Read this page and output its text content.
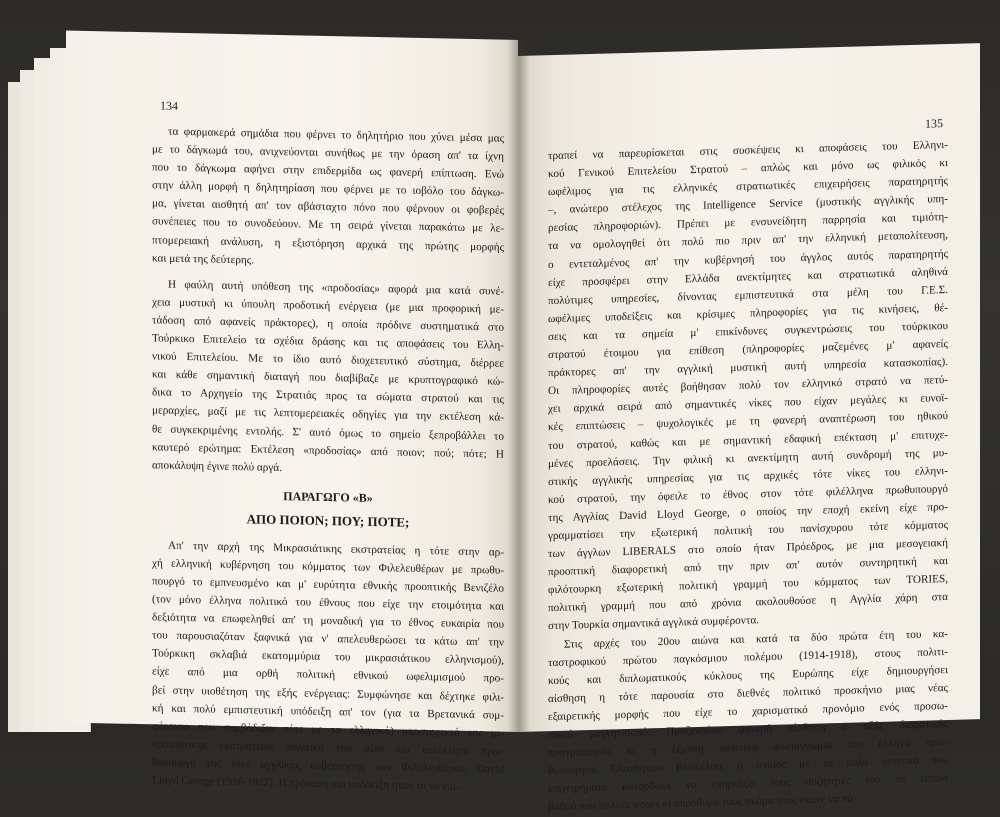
134
τα φαρμακερά σημάδια που φέρνει το δηλητήριο που χύνει μέσα μας
με το δάγκωμά του, ανιχνεύονται συνήθως με την όραση απ' τα ίχνη
που το δάγκωμα αφήνει στην επιδερμίδα ως φανερή επίπτωση. Ενώ
στην άλλη μορφή η δηλητηρίαση που φέρνει με το ιοβόλο του δάγκω-
μα, γίνεται αισθητή απ' τον αβάσταχτο πόνο που φέρνουν οι φοβερές
συνέπειες που το συνοδεύουν. Με τη σειρά γίνεται παρακάτω με λε-
πτομερειακή ανάλυση, η εξιστόρηση αρχικά της πρώτης μορφής
και μετά της δεύτερης.
Η φαύλη αυτή υπόθεση της «προδοσίας» αφορά μια κατά συνέ-
χεια μυστική κι ύπουλη προδοτική ενέργεια (με μια προφορική με-
τάδοση από αφανείς πράκτορες), η οποία πρόδινε συστηματικά στο
Τούρκικο Επιτελείο τα σχέδια δράσης και τις αποφάσεις του Ελλη-
νικού Επιτελείου. Με το ίδιο αυτό διοχετευτικό σύστημα, διέρρεε
και κάθε σημαντική διαταγή που διαβίβαζε με κρυπτογραφικό κώ-
δικα το Αρχηγείο της Στρατιάς προς τα σώματα στρατού και τις
μεραρχίες, μαζί με τις λεπτομερειακές οδηγίες για την εκτέλεση κά-
θε συγκεκριμένης εντολής. Σ' αυτό όμως το σημείο ξεπροβάλλει το
καυτερό ερώτημα: Εκτέλεση «προδοσίας» από ποιον; πού; πότε; Η
αποκάλυψη έγινε πολύ αργά.
ΠΑΡΑΓΩΓΟ «Β»
ΑΠΟ ΠΟΙΟΝ; ΠΟΥ; ΠΟΤΕ;
Απ' την αρχή της Μικρασιάτικης εκστρατείας η τότε στην αρ-
χή ελληνική κυβέρνηση του κόμματος των Φιλελευθέρων με πρωθυ-
πουργό το εμπνευσμένο και μ' ευρύτητα εθνικής προοπτικής Βενιζέλο
(τον μόνο έλληνα πολιτικό του έθνους που είχε την ετοιμότητα και
δεξιότητα να επωφεληθεί απ' τη μοναδική για το έθνος ευκαιρία που
του παρουσιαζόταν ξαφνικά για ν' απελευθερώσει τα κάτω απ' την
Τούρκικη σκλαβιά εκατομμύρια του μικρασιάτικου ελληνισμού),
είχε από μια ορθή πολιτική εθνικού ωφελιμισμού προ-
βεί στην υιοθέτηση της εξής ενέργειας: Συμφώνησε και δέχτηκε φιλι-
κή και πολύ εμπιστευτική υπόδειξη απ' τον (για τα Βρετανικά συμ-
φέροντα που συμβάδιζαν τότε με τα ελληνικά) υποστηρικτή της μι-
κρασιάτικης εκστρατείας πολιτικό του φίλο και φιλέλληνα πρω-
θυπουργό της τότε αγγλικής κυβέρνησης των Φιλελευθέρων David
Lloyd George (1916-1922). Η πρόταση και υπόδειξη ήταν το να επι-
135
τραπεί να παρευρίσκεται στις συσκέψεις κι αποφάσεις του Ελληνι-
κού Γενικού Επιτελείου Στρατού – απλώς και μόνο ως φιλικός κι
ωφέλιμος για τις ελληνικές στρατιωτικές επιχειρήσεις παρατηρητής
–, ανώτερο στέλεχος της Intelligence Service (μυστικής αγγλικής υπη-
ρεσίας πληροφοριών). Πρέπει με ενσυνείδητη παρρησία και τιμιότη-
τα να ομολογηθεί ότι πολύ πιο πριν απ' την ελληνική μεταπολίτευση,
ο εντεταλμένος απ' την κυβέρνησή του άγγλος αυτός παρατηρητής
είχε προσφέρει στην Ελλάδα ανεκτίμητες και στρατιωτικά αληθινά
πολύτιμες υπηρεσίες, δίνοντας εμπιστευτικά στα μέλη του Γ.Ε.Σ.
ωφέλιμες υποδείξεις και κρίσιμες πληροφορίες για τις κινήσεις, θέ-
σεις και τα σημεία μ' επικίνδυνες συγκεντρώσεις του τούρκικου
στρατού έτοιμου για επίθεση (πληροφορίες μαζεμένες μ' αφανείς
πράκτορες απ' την αγγλική μυστική αυτή υπηρεσία κατασκοπίας).
Οι πληροφορίες αυτές βοήθησαν πολύ τον ελληνικό στρατό να πετύ-
χει αρχικά σειρά από σημαντικές νίκες που είχαν μεγάλες κι ευνοϊ-
κές επιπτώσεις – ψυχολογικές με τη φανερή αναπτέρωση του ηθικού
του στρατού, καθώς και με σημαντική εδαφική επέκταση μ' επιτυχε-
μένες προελάσεις. Την φιλική κι ανεκτίμητη αυτή συνδρομή της μυ-
στικής αγγλικής υπηρεσίας για τις αρχικές τότε νίκες του ελληνι-
κού στρατού, την όφειλε το έθνος στον τότε φιλέλληνα πρωθυπουργό
της Αγγλίας David Lloyd George, ο οποίος την εποχή εκείνη είχε προ-
γραμματίσει την εξωτερική πολιτική του πανίσχυρου τότε κόμματος
των άγγλων LIBERALS στο οποίο ήταν Πρόεδρος, με μια μεσογειακή
προοπτική διαφορετική από την πριν απ' αυτόν συντηρητική και
φιλότουρκη εξωτερική πολιτική γραμμή του κόμματος των TORIES,
πολιτική γραμμή που από χρόνια ακολουθούσε η Αγγλία χάρη στα
στην Τουρκία σημαντικά αγγλικά συμφέροντα.
Στις αρχές του 20ου αιώνα και κατά τα δύο πρώτα έτη του κα-
ταστροφικού πρώτου παγκόσμιου πολέμου (1914-1918), στους πολιτι-
κούς και διπλωματικούς κύκλους της Ευρώπης είχε δημιουργήσει
αίσθηση η τότε παρουσία στο διεθνές πολιτικό προσκήνιο μιας νέας
εξαιρετικής μορφής που είχε το χαρισματικό προνόμιο ενός προσω-
πικού μαγνητισμού. Προξενούσε φανερή αίσθηση ο οξύς διορατικός
πραγματισμός κι η έξυπνη πολιτική φυσιογνωμία του έλληνα πρω-
θυπουργού Ελευθέριου Βενιζέλου, ο οποίος με τα πολύ πειστικά του
επιχειρήματα κατόρθωνε να επηρεάζει τους συζητητές του σε τέτοιο
βαθμό που πολλές φορές κι απρόθυμα τους ακόμα τους έκανε να πα-
